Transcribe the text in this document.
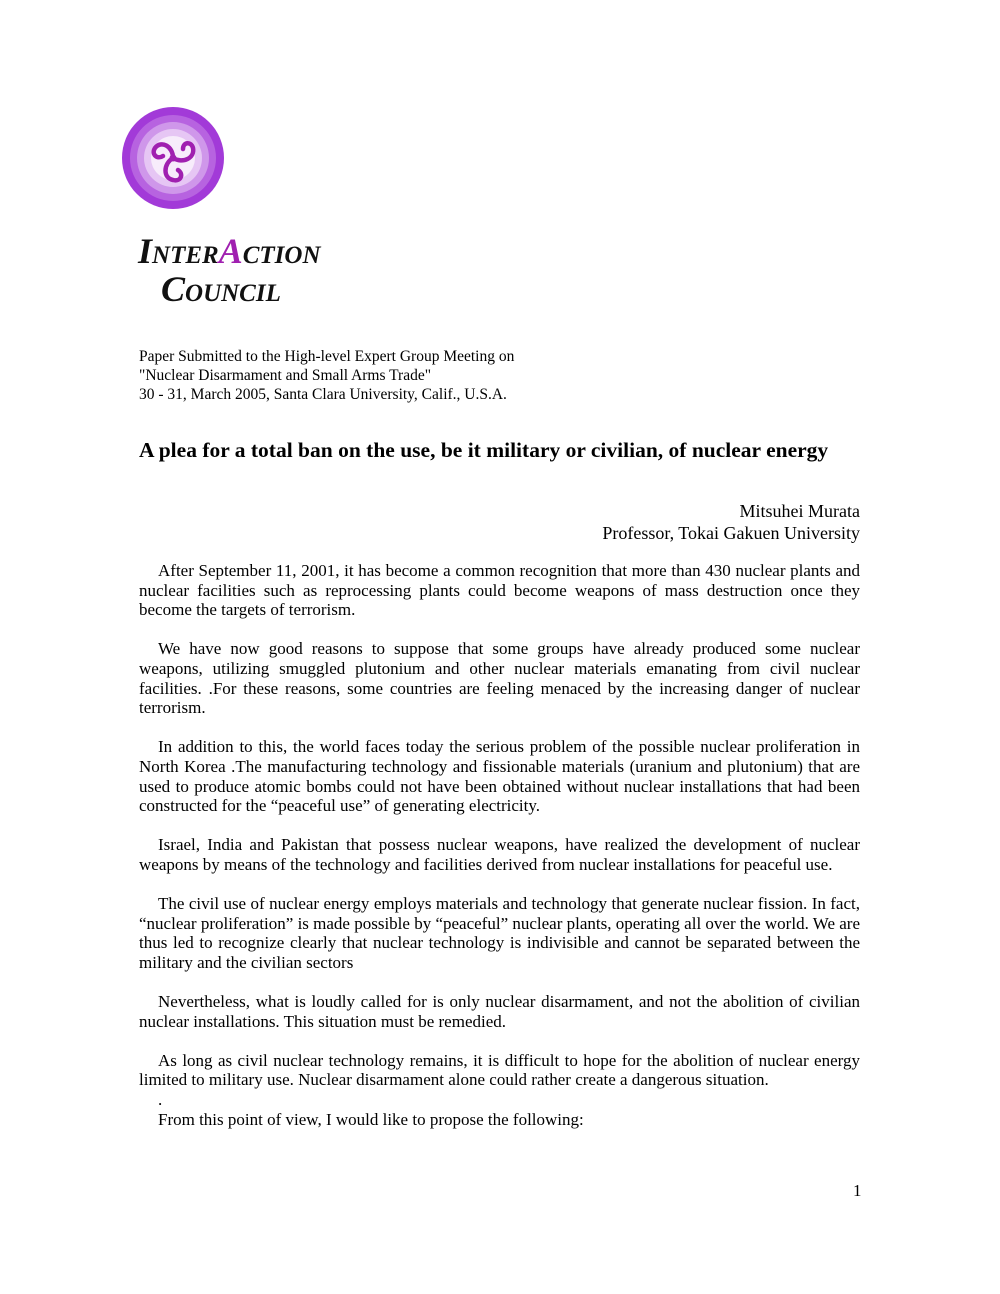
INTERACTION
COUNCIL
Paper Submitted to the High-level Expert Group Meeting on
"Nuclear Disarmament and Small Arms Trade"
30 - 31, March 2005, Santa Clara University, Calif., U.S.A.
A plea for a total ban on the use, be it military or civilian, of nuclear energy
Mitsuhei Murata
Professor, Tokai Gakuen University

After September 11, 2001, it has become a common recognition that more than 430 nuclear plants and nuclear facilities such as reprocessing plants could become weapons of mass destruction once they become the targets of terrorism.

We have now good reasons to suppose that some groups have already produced some nuclear weapons, utilizing smuggled plutonium and other nuclear materials emanating from civil nuclear facilities. .For these reasons, some countries are feeling menaced by the increasing danger of nuclear terrorism.

In addition to this, the world faces today the serious problem of the possible nuclear proliferation in North Korea .The manufacturing technology and fissionable materials (uranium and plutonium) that are used to produce atomic bombs could not have been obtained without nuclear installations that had been constructed for the “peaceful use” of generating electricity.

Israel, India and Pakistan that possess nuclear weapons, have realized the development of nuclear weapons by means of the technology and facilities derived from nuclear installations for peaceful use.

The civil use of nuclear energy employs materials and technology that generate nuclear fission. In fact, “nuclear proliferation” is made possible by “peaceful” nuclear plants, operating all over the world. We are thus led to recognize clearly that nuclear technology is indivisible and cannot be separated between the military and the civilian sectors

Nevertheless, what is loudly called for is only nuclear disarmament, and not the abolition of civilian nuclear installations. This situation must be remedied.

As long as civil nuclear technology remains, it is difficult to hope for the abolition of nuclear energy limited to military use. Nuclear disarmament alone could rather create a dangerous situation.

.

From this point of view, I would like to propose the following:

1
